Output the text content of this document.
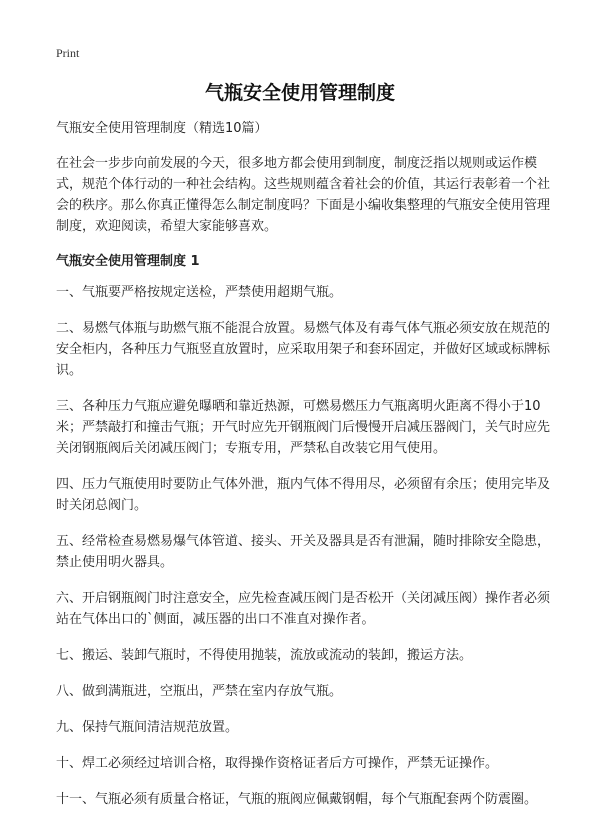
Print
气瓶安全使用管理制度

气瓶安全使用管理制度（精选10篇）

在社会一步步向前发展的今天，很多地方都会使用到制度，制度泛指以规则或运作模式，规范个体行动的一种社会结构。这些规则蕴含着社会的价值，其运行表彰着一个社会的秩序。那么你真正懂得怎么制定制度吗？下面是小编收集整理的气瓶安全使用管理制度，欢迎阅读，希望大家能够喜欢。

气瓶安全使用管理制度 1

一、气瓶要严格按规定送检，严禁使用超期气瓶。

二、易燃气体瓶与助燃气瓶不能混合放置。易燃气体及有毒气体气瓶必须安放在规范的安全柜内，各种压力气瓶竖直放置时，应采取用架子和套环固定，并做好区域或标牌标识。

三、各种压力气瓶应避免曝晒和靠近热源，可燃易燃压力气瓶离明火距离不得小于10米；严禁敲打和撞击气瓶；开气时应先开钢瓶阀门后慢慢开启减压器阀门，关气时应先关闭钢瓶阀后关闭减压阀门；专瓶专用，严禁私自改装它用气使用。

四、压力气瓶使用时要防止气体外泄，瓶内气体不得用尽，必须留有余压；使用完毕及时关闭总阀门。

五、经常检查易燃易爆气体管道、接头、开关及器具是否有泄漏，随时排除安全隐患，禁止使用明火器具。

六、开启钢瓶阀门时注意安全，应先检查减压阀门是否松开（关闭减压阀）操作者必须站在气体出口的`侧面，减压器的出口不准直对操作者。

七、搬运、装卸气瓶时，不得使用抛装，流放或流动的装卸，搬运方法。

八、做到满瓶进，空瓶出，严禁在室内存放气瓶。

九、保持气瓶间清洁规范放置。

十、焊工必须经过培训合格，取得操作资格证者后方可操作，严禁无证操作。

十一、气瓶必须有质量合格证，气瓶的瓶阀应佩戴钢帽，每个气瓶配套两个防震圈。
